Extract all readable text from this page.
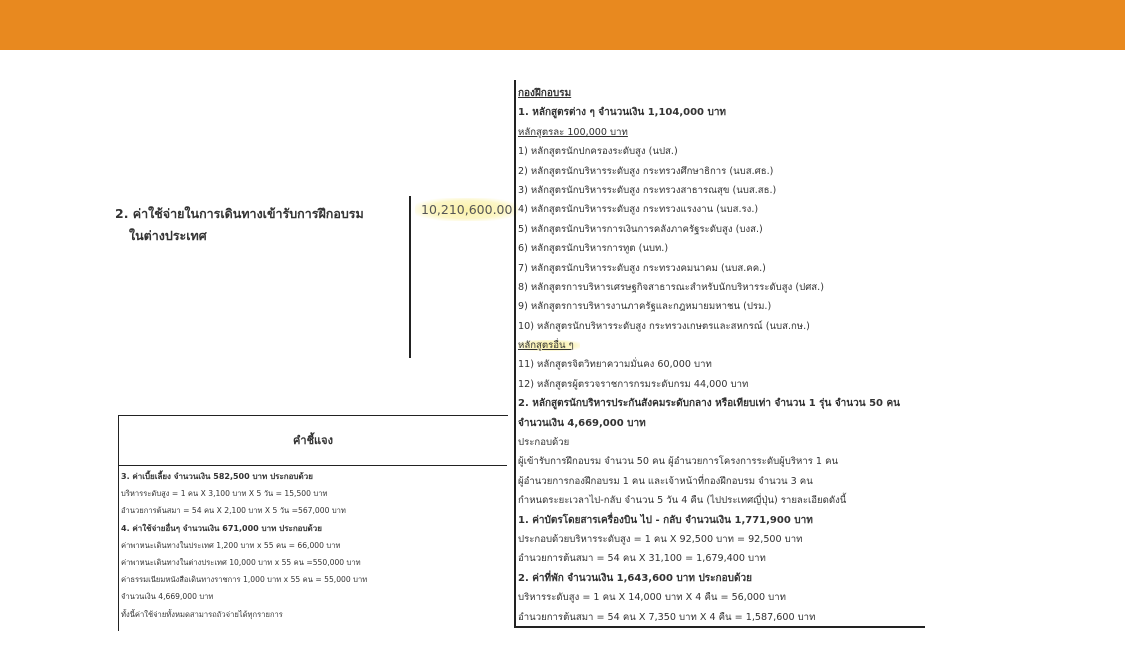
2. ค่าใช้จ่ายในการเดินทางเข้ารับการฝึกอบรม
ในต่างประเทศ
10,210,600.00
กองฝึกอบรม
1. หลักสูตรต่าง ๆ จำนวนเงิน 1,104,000 บาท
หลักสูตรละ 100,000 บาท
1) หลักสูตรนักปกครองระดับสูง (นปส.)
2) หลักสูตรนักบริหารระดับสูง กระทรวงศึกษาธิการ (นบส.ศธ.)
3) หลักสูตรนักบริหารระดับสูง กระทรวงสาธารณสุข (นบส.สธ.)
4) หลักสูตรนักบริหารระดับสูง กระทรวงแรงงาน (นบส.รง.)
5) หลักสูตรนักบริหารการเงินการคลังภาครัฐระดับสูง (บงส.)
6) หลักสูตรนักบริหารการทูต (นบท.)
7) หลักสูตรนักบริหารระดับสูง กระทรวงคมนาคม (นบส.คค.)
8) หลักสูตรการบริหารเศรษฐกิจสาธารณะสำหรับนักบริหารระดับสูง (ปศส.)
9) หลักสูตรการบริหารงานภาครัฐและกฎหมายมหาชน (ปรม.)
10) หลักสูตรนักบริหารระดับสูง กระทรวงเกษตรและสหกรณ์ (นบส.กษ.)
หลักสูตรอื่น ๆ
11) หลักสูตรจิตวิทยาความมั่นคง 60,000 บาท
12) หลักสูตรผู้ตรวจราชการกรมระดับกรม 44,000 บาท
2. หลักสูตรนักบริหารประกันสังคมระดับกลาง หรือเทียบเท่า จำนวน 1 รุ่น จำนวน 50 คน
จำนวนเงิน 4,669,000 บาท
ประกอบด้วย
ผู้เข้ารับการฝึกอบรม จำนวน 50 คน ผู้อำนวยการโครงการระดับผู้บริหาร 1 คน
ผู้อำนวยการกองฝึกอบรม 1 คน และเจ้าหน้าที่กองฝึกอบรม จำนวน 3 คน
กำหนดระยะเวลาไป-กลับ จำนวน 5 วัน 4 คืน (ไปประเทศญี่ปุ่น) รายละเอียดดังนี้
1. ค่าบัตรโดยสารเครื่องบิน ไป - กลับ จำนวนเงิน 1,771,900 บาท
ประกอบด้วยบริหารระดับสูง = 1 คน X 92,500 บาท = 92,500 บาท
อำนวยการต้นสมา = 54 คน X 31,100 = 1,679,400 บาท
2. ค่าที่พัก จำนวนเงิน 1,643,600 บาท ประกอบด้วย
บริหารระดับสูง = 1 คน X 14,000 บาท X 4 คืน = 56,000 บาท
อำนวยการต้นสมา = 54 คน X 7,350 บาท X 4 คืน = 1,587,600 บาท
คำชี้แจง
3. ค่าเบี้ยเลี้ยง จำนวนเงิน 582,500 บาท ประกอบด้วย
บริหารระดับสูง = 1 คน X 3,100 บาท X 5 วัน = 15,500 บาท
อำนวยการต้นสมา = 54 คน X 2,100 บาท X 5 วัน =567,000 บาท
4. ค่าใช้จ่ายอื่นๆ จำนวนเงิน 671,000 บาท ประกอบด้วย
ค่าพาหนะเดินทางในประเทศ 1,200 บาท x 55 คน = 66,000 บาท
ค่าพาหนะเดินทางในต่างประเทศ 10,000 บาท x 55 คน =550,000 บาท
ค่าธรรมเนียมหนังสือเดินทางราชการ 1,000 บาท x 55 คน = 55,000 บาท
จำนวนเงิน 4,669,000 บาท
ทั้งนี้ค่าใช้จ่ายทั้งหมดสามารถถัวจ่ายได้ทุกรายการ
